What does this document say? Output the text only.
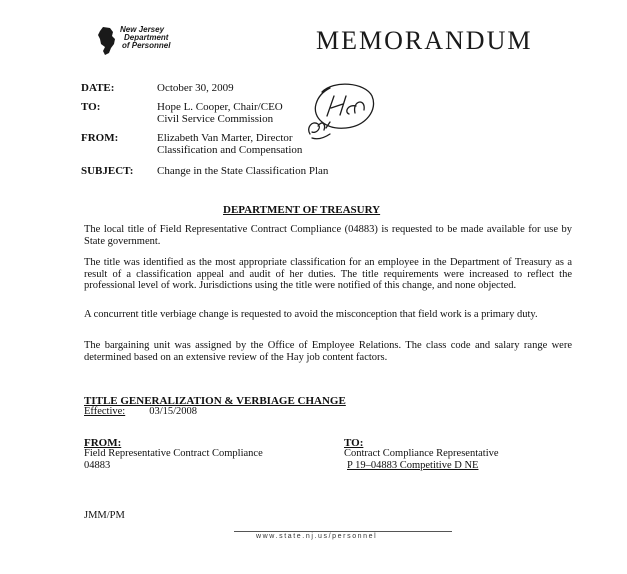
New Jersey
Department
of Personnel	MEMORANDUM
DATE:	October 30, 2009
TO:	Hope L. Cooper, Chair/CEO
Civil Service Commission
FROM:	Elizabeth Van Marter, Director
Classification and Compensation
SUBJECT: Change in the State Classification Plan
DEPARTMENT OF TREASURY
The local title of Field Representative Contract Compliance (04883) is requested to be made available for use by State government.
The title was identified as the most appropriate classification for an employee in the Department of Treasury as a result of a classification appeal and audit of her duties. The title requirements were increased to reflect the professional level of work. Jurisdictions using the title were notified of this change, and none objected.
A concurrent title verbiage change is requested to avoid the misconception that field work is a primary duty.
The bargaining unit was assigned by the Office of Employee Relations. The class code and salary range were determined based on an extensive review of the Hay job content factors.
TITLE GENERALIZATION & VERBIAGE CHANGE
Effective: 03/15/2008
FROM:
Field Representative Contract Compliance
04883
TO:
Contract Compliance Representative
P 19–04883 Competitive D NE
JMM/PM
www.state.nj.us/personnel
